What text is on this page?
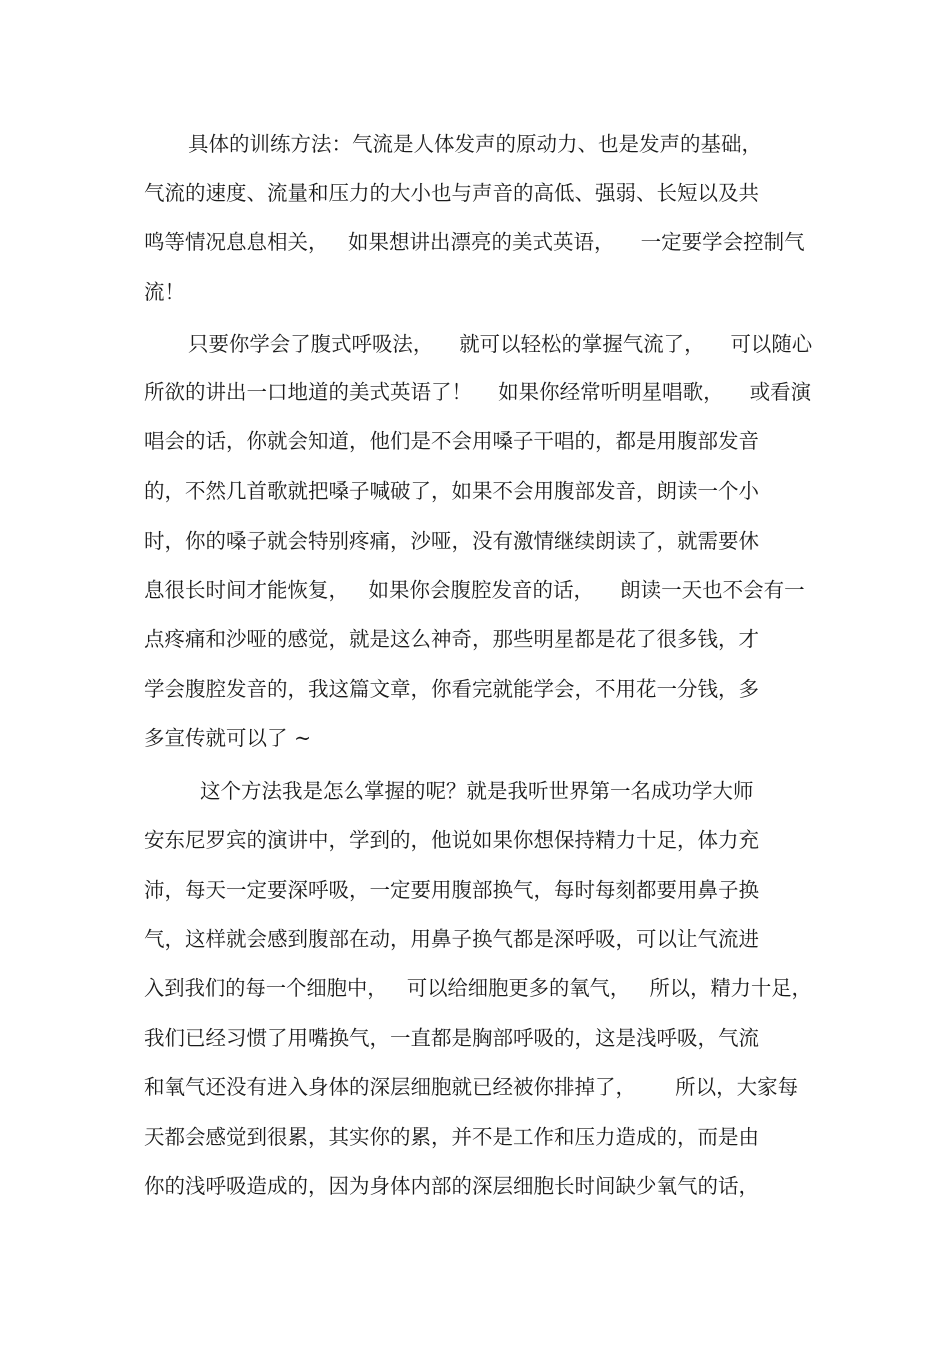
具体的训练方法：气流是人体发声的原动力、也是发声的基础，
气流的速度、流量和压力的大小也与声音的高低、强弱、长短以及共
鸣等情况息息相关，   如果想讲出漂亮的美式英语，    一定要学会控制气
流！
只要你学会了腹式呼吸法，    就可以轻松的掌握气流了，    可以随心
所欲的讲出一口地道的美式英语了！    如果你经常听明星唱歌，    或看演
唱会的话，你就会知道，他们是不会用嗓子干唱的，都是用腹部发音
的，不然几首歌就把嗓子喊破了，如果不会用腹部发音，朗读一个小
时，你的嗓子就会特别疼痛，沙哑，没有激情继续朗读了，就需要休
息很长时间才能恢复，   如果你会腹腔发音的话，    朗读一天也不会有一
点疼痛和沙哑的感觉，就是这么神奇，那些明星都是花了很多钱，才
学会腹腔发音的，我这篇文章，你看完就能学会，不用花一分钱，多
多宣传就可以了 ~
这个方法我是怎么掌握的呢？就是我听世界第一名成功学大师
安东尼罗宾的演讲中，学到的，他说如果你想保持精力十足，体力充
沛，每天一定要深呼吸，一定要用腹部换气，每时每刻都要用鼻子换
气，这样就会感到腹部在动，用鼻子换气都是深呼吸，可以让气流进
入到我们的每一个细胞中，   可以给细胞更多的氧气，   所以，精力十足，
我们已经习惯了用嘴换气，一直都是胸部呼吸的，这是浅呼吸，气流
和氧气还没有进入身体的深层细胞就已经被你排掉了，      所以，大家每
天都会感觉到很累，其实你的累，并不是工作和压力造成的，而是由
你的浅呼吸造成的，因为身体内部的深层细胞长时间缺少氧气的话，
